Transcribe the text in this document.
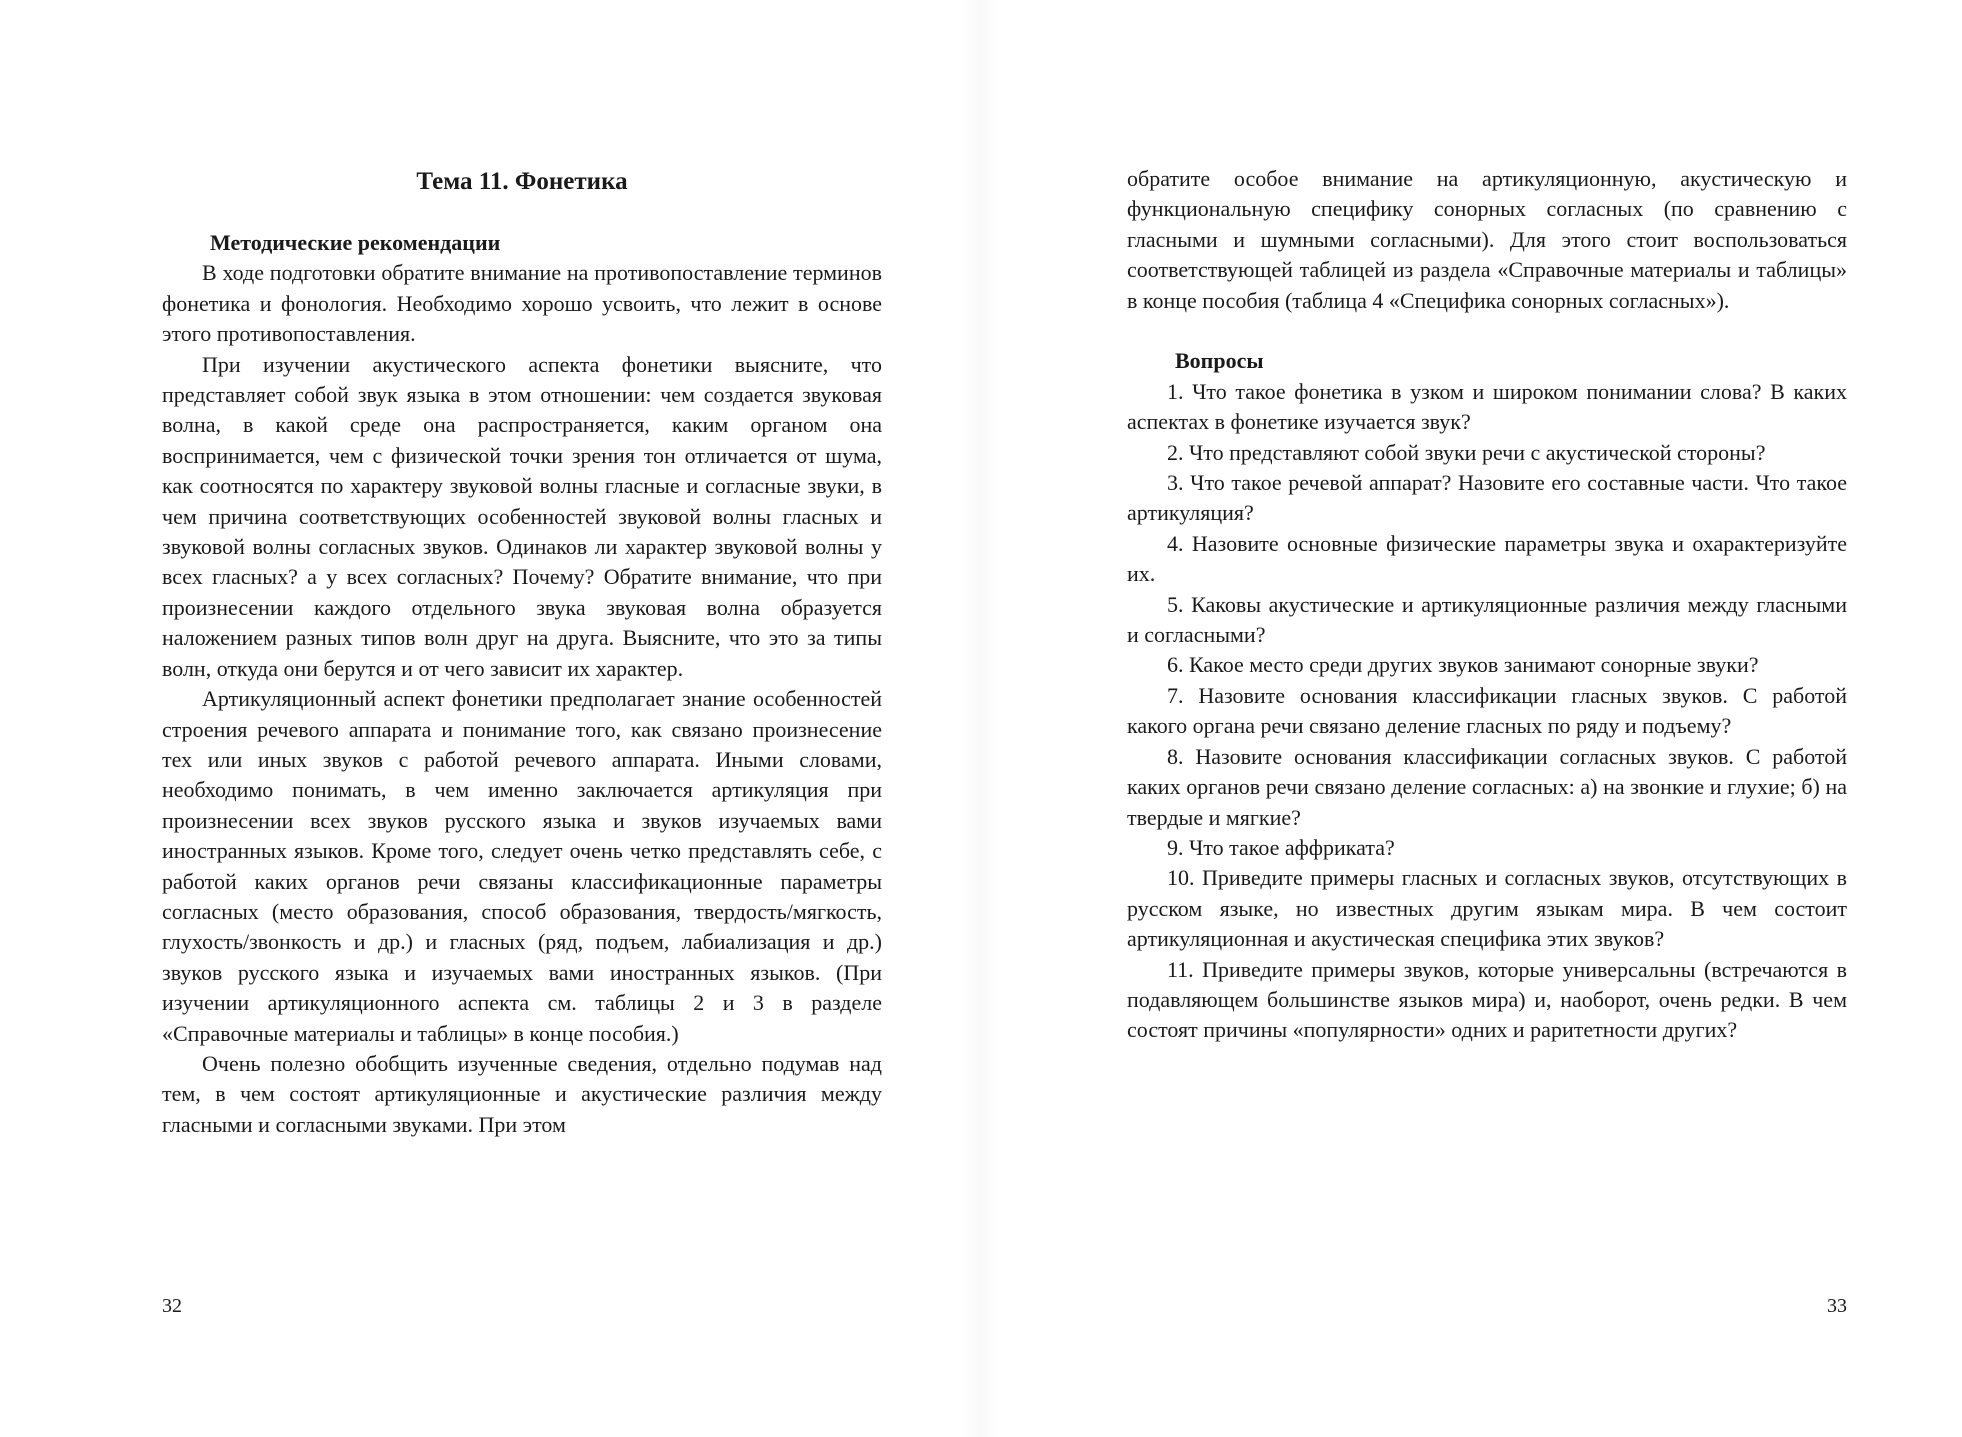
Тема 11. Фонетика
Методические рекомендации

В ходе подготовки обратите внимание на противопоставление терминов фонетика и фонология. Необходимо хорошо усвоить, что лежит в основе этого противопоставления.

При изучении акустического аспекта фонетики выясните, что представляет собой звук языка в этом отношении: чем создается звуковая волна, в какой среде она распространяется, каким органом она воспринимается, чем с физической точки зрения тон отличается от шума, как соотносятся по характеру звуковой волны гласные и согласные звуки, в чем причина соответствующих особенностей звуковой волны гласных и звуковой волны согласных звуков. Одинаков ли характер звуковой волны у всех гласных? а у всех согласных? Почему? Обратите внимание, что при произнесении каждого отдельного звука звуковая волна образуется наложением разных типов волн друг на друга. Выясните, что это за типы волн, откуда они берутся и от чего зависит их характер.

Артикуляционный аспект фонетики предполагает знание особенностей строения речевого аппарата и понимание того, как связано произнесение тех или иных звуков с работой речевого аппарата. Иными словами, необходимо понимать, в чем именно заключается артикуляция при произнесении всех звуков русского языка и звуков изучаемых вами иностранных языков. Кроме того, следует очень четко представлять себе, с работой каких органов речи связаны классификационные параметры согласных (место образования, способ образования, твердость/мягкость, глухость/звонкость и др.) и гласных (ряд, подъем, лабиализация и др.) звуков русского языка и изучаемых вами иностранных языков. (При изучении артикуляционного аспекта см. таблицы 2 и 3 в разделе «Справочные материалы и таблицы» в конце пособия.)

Очень полезно обобщить изученные сведения, отдельно подумав над тем, в чем состоят артикуляционные и акустические различия между гласными и согласными звуками. При этом

32

обратите особое внимание на артикуляционную, акустическую и функциональную специфику сонорных согласных (по сравнению с гласными и шумными согласными). Для этого стоит воспользоваться соответствующей таблицей из раздела «Справочные материалы и таблицы» в конце пособия (таблица 4 «Специфика сонорных согласных»).

Вопросы

1. Что такое фонетика в узком и широком понимании слова? В каких аспектах в фонетике изучается звук?

2. Что представляют собой звуки речи с акустической стороны?

3. Что такое речевой аппарат? Назовите его составные части. Что такое артикуляция?

4. Назовите основные физические параметры звука и охарактеризуйте их.

5. Каковы акустические и артикуляционные различия между гласными и согласными?

6. Какое место среди других звуков занимают сонорные звуки?

7. Назовите основания классификации гласных звуков. С работой какого органа речи связано деление гласных по ряду и подъему?

8. Назовите основания классификации согласных звуков. С работой каких органов речи связано деление согласных: а) на звонкие и глухие; б) на твердые и мягкие?

9. Что такое аффриката?

10. Приведите примеры гласных и согласных звуков, отсутствующих в русском языке, но известных другим языкам мира. В чем состоит артикуляционная и акустическая специфика этих звуков?

11. Приведите примеры звуков, которые универсальны (встречаются в подавляющем большинстве языков мира) и, наоборот, очень редки. В чем состоят причины «популярности» одних и раритетности других?

33
